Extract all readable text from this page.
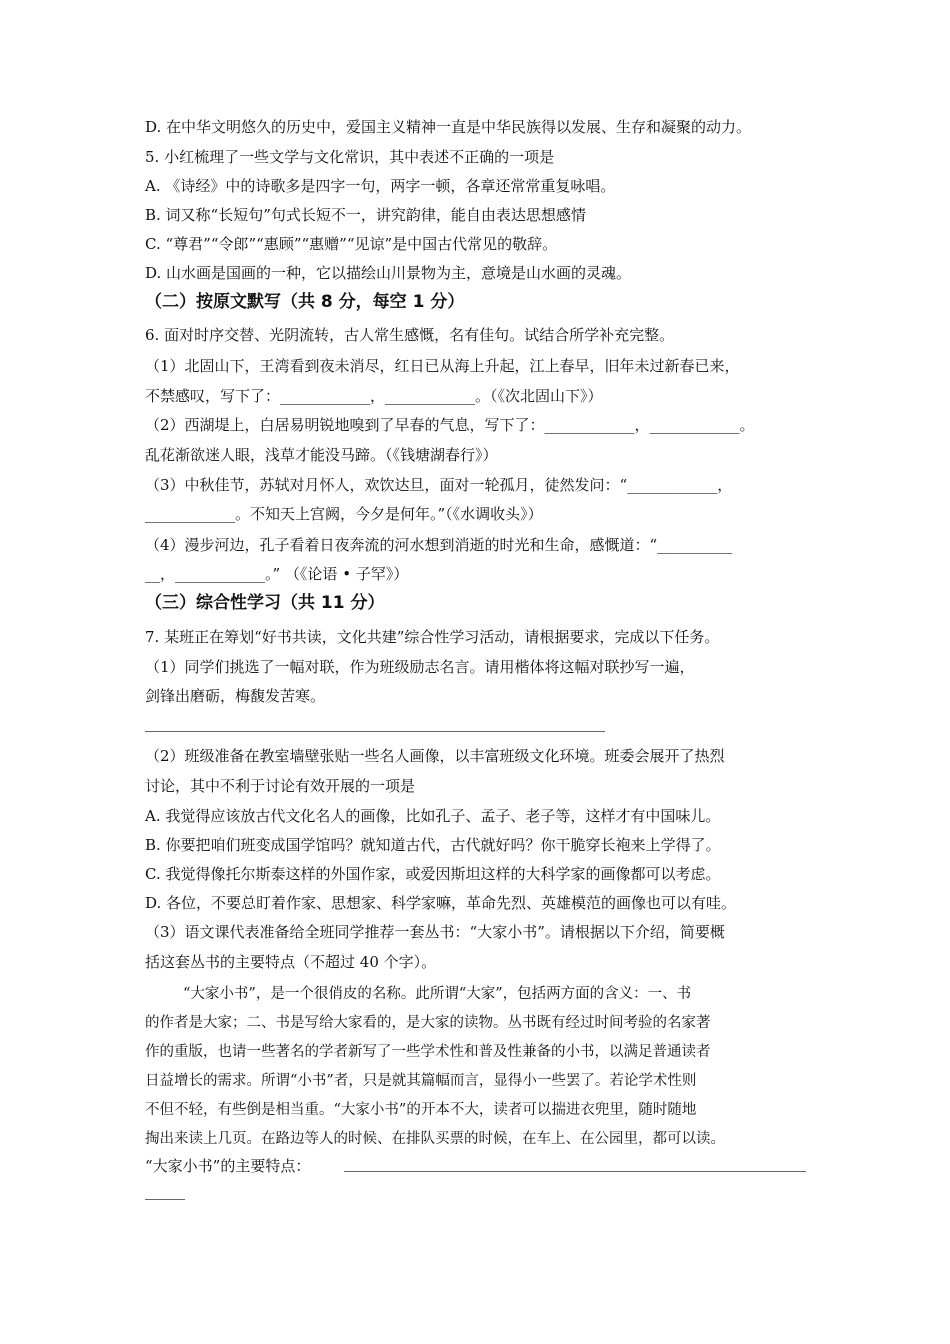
D. 在中华文明悠久的历史中，爱国主义精神一直是中华民族得以发展、生存和凝聚的动力。
5. 小红梳理了一些文学与文化常识，其中表述不正确的一项是
A. 《诗经》中的诗歌多是四字一句，两字一顿，各章还常常重复咏唱。
B. 词又称“长短句”句式长短不一，讲究韵律，能自由表达思想感情
C. “尊君”“令郎”“惠顾”“惠赠”“见谅”是中国古代常见的敬辞。
D. 山水画是国画的一种，它以描绘山川景物为主，意境是山水画的灵魂。
（二）按原文默写（共 8 分，每空 1 分）
6. 面对时序交替、光阴流转，古人常生感慨，名有佳句。试结合所学补充完整。
（1）北固山下，王湾看到夜未消尽，红日已从海上升起，江上春早，旧年未过新春已来，
不禁感叹，写下了：____________，____________。（《次北固山下》）
（2）西湖堤上，白居易明锐地嗅到了早春的气息，写下了：____________，____________。
乱花渐欲迷人眼，浅草才能没马蹄。（《钱塘湖春行》）
（3）中秋佳节，苏轼对月怀人，欢饮达旦，面对一轮孤月，徒然发问：“____________，
____________。不知天上宫阙，今夕是何年。”（《水调收头》）
（4）漫步河边，孔子看着日夜奔流的河水想到消逝的时光和生命，感慨道：“__________
__，____________。” （《论语 • 子罕》）
（三）综合性学习（共 11 分）
7. 某班正在筹划“好书共读，文化共建”综合性学习活动，请根据要求，完成以下任务。
（1）同学们挑选了一幅对联，作为班级励志名言。请用楷体将这幅对联抄写一遍，
剑锋出磨砺，梅馥发苦寒。
（2）班级准备在教室墙壁张贴一些名人画像，以丰富班级文化环境。班委会展开了热烈
讨论，其中不利于讨论有效开展的一项是
A. 我觉得应该放古代文化名人的画像，比如孔子、孟子、老子等，这样才有中国味儿。
B. 你要把咱们班变成国学馆吗？就知道古代，古代就好吗？你干脆穿长袍来上学得了。
C. 我觉得像托尔斯泰这样的外国作家，或爱因斯坦这样的大科学家的画像都可以考虑。
D. 各位，不要总盯着作家、思想家、科学家嘛，革命先烈、英雄模范的画像也可以有哇。
（3）语文课代表准备给全班同学推荐一套丛书：“大家小书”。请根据以下介绍，简要概
括这套丛书的主要特点（不超过 40 个字）。
“大家小书”，是一个很俏皮的名称。此所谓“大家”，包括两方面的含义：一、书
的作者是大家；二、书是写给大家看的，是大家的读物。丛书既有经过时间考验的名家著
作的重版，也请一些著名的学者新写了一些学术性和普及性兼备的小书，以满足普通读者
日益增长的需求。所谓“小书”者，只是就其篇幅而言，显得小一些罢了。若论学术性则
不但不轻，有些倒是相当重。“大家小书”的开本不大，读者可以揣进衣兜里，随时随地
掏出来读上几页。在路边等人的时候、在排队买票的时候，在车上、在公园里，都可以读。
“大家小书”的主要特点：
